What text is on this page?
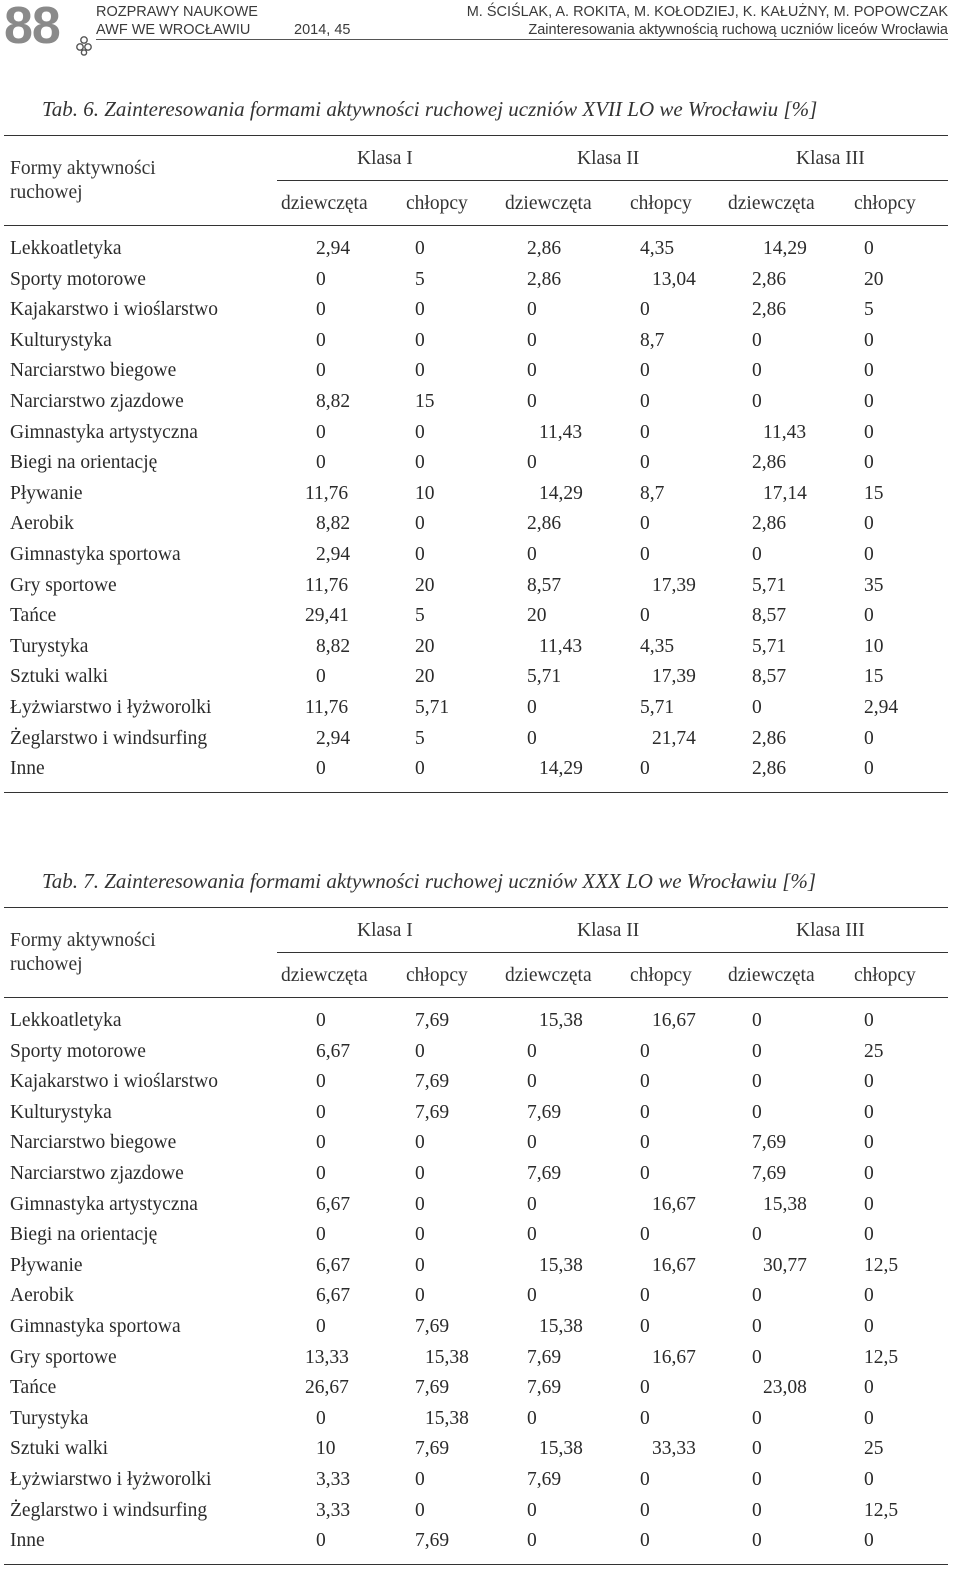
88 ROZPRAWY NAUKOWE
AWF WE WROCŁAWIU	2014, 45
M. ŚCIŚLAK, A. ROKITA, M. KOŁODZIEJ, K. KAŁUŻNY, M. POPOWCZAK
Zainteresowania aktywnością ruchową uczniów liceów Wrocławia
Tab. 6. Zainteresowania formami aktywności ruchowej uczniów XVII LO we Wrocławiu [%]
Formy aktywności
ruchowej
Klasa I	Klasa II	Klasa III
dziewczęta chłopcy dziewczęta chłopcy dziewczęta chłopcy
Lekkoatletyka	2,94	0	2,86	4,35	14,29	0
Sporty motorowe	0	5	2,86	13,04	2,86	20
Kajakarstwo i wioślarstwo	0	0	0	0	2,86	5
Kulturystyka	0	0	0	8,7	0	0
Narciarstwo biegowe	0	0	0	0	0	0
Narciarstwo zjazdowe	8,82	15	0	0	0	0
Gimnastyka artystyczna	0	0	11,43	0	11,43	0
Biegi na orientację	0	0	0	0	2,86	0
Pływanie	11,76	10	14,29	8,7	17,14	15
Aerobik	8,82	0	2,86	0	2,86	0
Gimnastyka sportowa	2,94	0	0	0	0	0
Gry sportowe	11,76	20	8,57	17,39	5,71	35
Tańce	29,41	5	20	0	8,57	0
Turystyka	8,82	20	11,43	4,35	5,71	10
Sztuki walki	0	20	5,71	17,39	8,57	15
Łyżwiarstwo i łyżworolki	11,76	5,71	0	5,71	0	2,94
Żeglarstwo i windsurfing	2,94	5	0	21,74	2,86	0
Inne	0	0	14,29	0	2,86	0
Tab. 7. Zainteresowania formami aktywności ruchowej uczniów XXX LO we Wrocławiu [%]
Formy aktywności
ruchowej
Klasa I	Klasa II	Klasa III
dziewczęta chłopcy dziewczęta chłopcy dziewczęta chłopcy
Lekkoatletyka	0	7,69	15,38	16,67	0	0
Sporty motorowe	6,67	0	0	0	0	25
Kajakarstwo i wioślarstwo	0	7,69	0	0	0	0
Kulturystyka	0	7,69	7,69	0	0	0
Narciarstwo biegowe	0	0	0	0	7,69	0
Narciarstwo zjazdowe	0	0	7,69	0	7,69	0
Gimnastyka artystyczna	6,67	0	0	16,67	15,38	0
Biegi na orientację	0	0	0	0	0	0
Pływanie	6,67	0	15,38	16,67	30,77	12,5
Aerobik	6,67	0	0	0	0	0
Gimnastyka sportowa	0	7,69	15,38	0	0	0
Gry sportowe	13,33	15,38	7,69	16,67	0	12,5
Tańce	26,67	7,69	7,69	0	23,08	0
Turystyka	0	15,38	0	0	0	0
Sztuki walki	10	7,69	15,38	33,33	0	25
Łyżwiarstwo i łyżworolki	3,33	0	7,69	0	0	0
Żeglarstwo i windsurfing	3,33	0	0	0	0	12,5
Inne	0	7,69	0	0	0	0
